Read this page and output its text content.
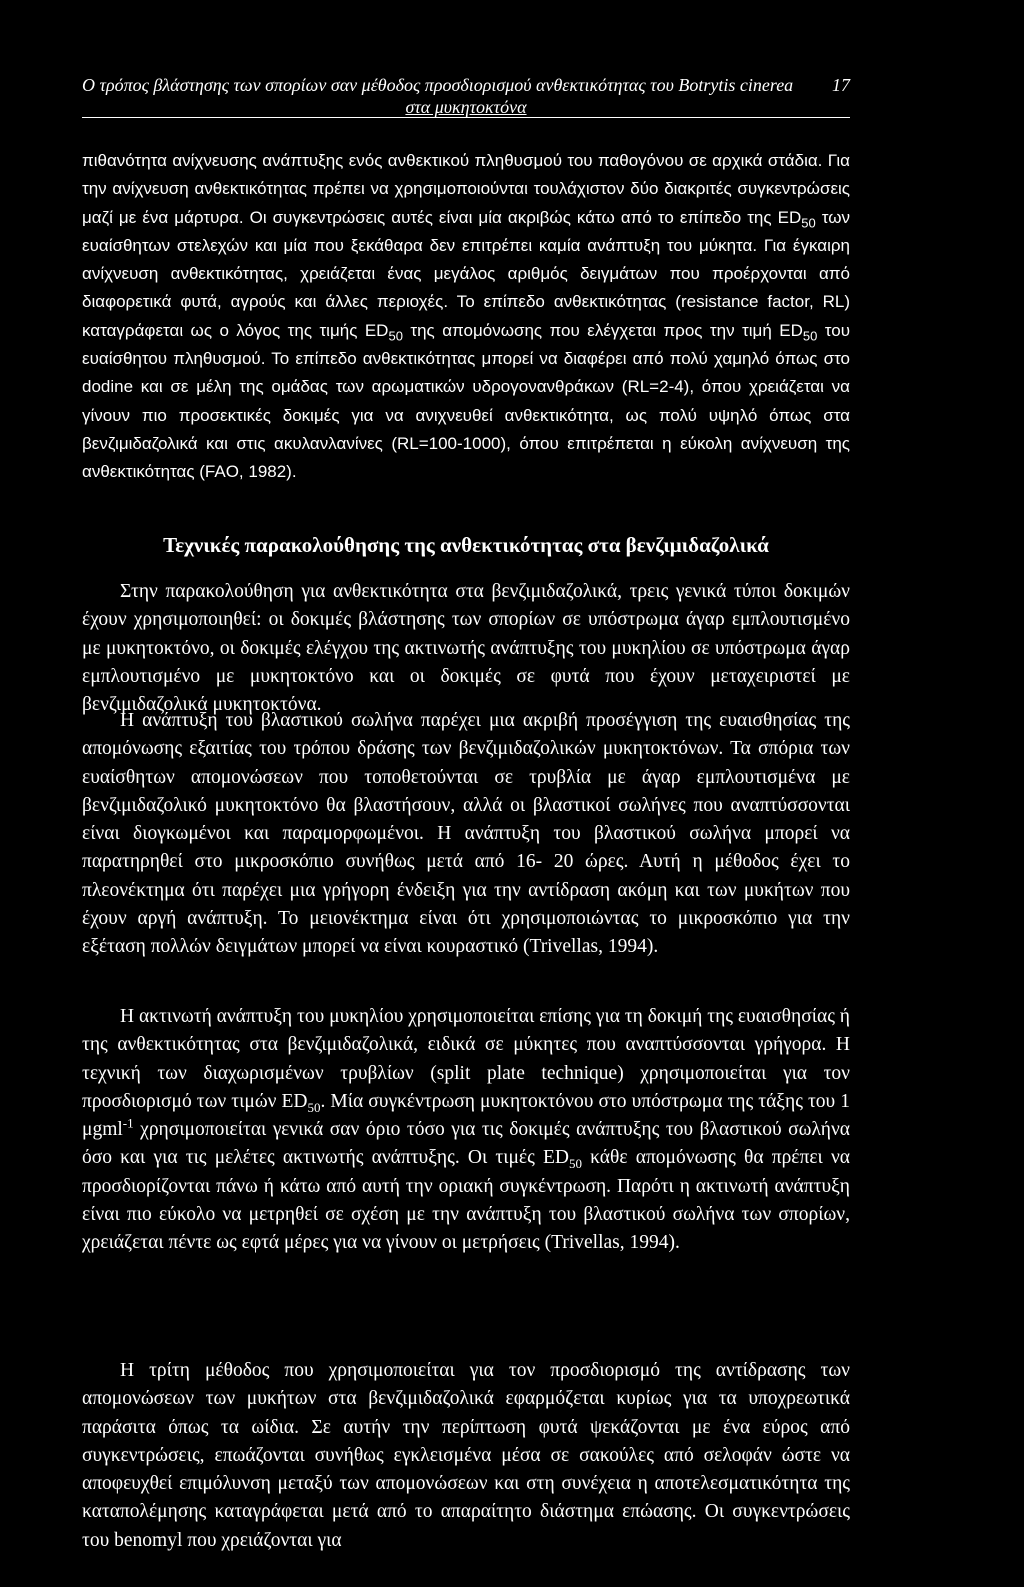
Ο τρόπος βλάστησης των σπορίων σαν μέθοδος προσδιορισμού ανθεκτικότητας του Botrytis cinerea 17
στα μυκητοκτόνα

πιθανότητα ανίχνευσης ανάπτυξης ενός ανθεκτικού πληθυσμού του παθογόνου σε αρχικά στάδια. Για την ανίχνευση ανθεκτικότητας πρέπει να χρησιμοποιούνται τουλάχιστον δύο διακριτές συγκεντρώσεις μαζί με ένα μάρτυρα. Οι συγκεντρώσεις αυτές είναι μία ακριβώς κάτω από το επίπεδο της $ED_{50}$ των ευαίσθητων στελεχών και μία που ξεκάθαρα δεν επιτρέπει καμία ανάπτυξη του μύκητα. Για έγκαιρη ανίχνευση ανθεκτικότητας, χρειάζεται ένας μεγάλος αριθμός δειγμάτων που προέρχονται από διαφορετικά φυτά, αγρούς και άλλες περιοχές. Το επίπεδο ανθεκτικότητας (resistance factor, RL) καταγράφεται ως ο λόγος της τιμής $ED_{50}$ της απομόνωσης που ελέγχεται προς την τιμή $ED_{50}$ του ευαίσθητου πληθυσμού. Το επίπεδο ανθεκτικότητας μπορεί να διαφέρει από πολύ χαμηλό όπως στο dodine και σε μέλη της ομάδας των αρωματικών υδρογονανθράκων (RL=2-4), όπου χρειάζεται να γίνουν πιο προσεκτικές δοκιμές για να ανιχνευθεί ανθεκτικότητα, ως πολύ υψηλό όπως στα βενζιμιδαζολικά και στις ακυλανλανίνες (RL=100-1000), όπου επιτρέπεται η εύκολη ανίχνευση της ανθεκτικότητας (FAO, 1982).

Τεχνικές παρακολούθησης της ανθεκτικότητας στα βενζιμιδαζολικά

Στην παρακολούθηση για ανθεκτικότητα στα βενζιμιδαζολικά, τρεις γενικά τύποι δοκιμών έχουν χρησιμοποιηθεί: οι δοκιμές βλάστησης των σπορίων σε υπόστρωμα άγαρ εμπλουτισμένο με μυκητοκτόνο, οι δοκιμές ελέγχου της ακτινωτής ανάπτυξης του μυκηλίου σε υπόστρωμα άγαρ εμπλουτισμένο με μυκητοκτόνο και οι δοκιμές σε φυτά που έχουν μεταχειριστεί με βενζιμιδαζολικά μυκητοκτόνα.

Η ανάπτυξη του βλαστικού σωλήνα παρέχει μια ακριβή προσέγγιση της ευαισθησίας της απομόνωσης εξαιτίας του τρόπου δράσης των βενζιμιδαζολικών μυκητοκτόνων. Τα σπόρια των ευαίσθητων απομονώσεων που τοποθετούνται σε τρυβλία με άγαρ εμπλουτισμένα με βενζιμιδαζολικό μυκητοκτόνο θα βλαστήσουν, αλλά οι βλαστικοί σωλήνες που αναπτύσσονται είναι διογκωμένοι και παραμορφωμένοι. Η ανάπτυξη του βλαστικού σωλήνα μπορεί να παρατηρηθεί στο μικροσκόπιο συνήθως μετά από 16- 20 ώρες. Αυτή η μέθοδος έχει το πλεονέκτημα ότι παρέχει μια γρήγορη ένδειξη για την αντίδραση ακόμη και των μυκήτων που έχουν αργή ανάπτυξη. Το μειονέκτημα είναι ότι χρησιμοποιώντας το μικροσκόπιο για την εξέταση πολλών δειγμάτων μπορεί να είναι κουραστικό (Trivellas, 1994).

Η ακτινωτή ανάπτυξη του μυκηλίου χρησιμοποιείται επίσης για τη δοκιμή της ευαισθησίας ή της ανθεκτικότητας στα βενζιμιδαζολικά, ειδικά σε μύκητες που αναπτύσσονται γρήγορα. Η τεχνική των διαχωρισμένων τρυβλίων (split plate technique) χρησιμοποιείται για τον προσδιορισμό των τιμών $ED_{50}$. Μία συγκέντρωση μυκητοκτόνου στο υπόστρωμα της τάξης του 1 μgml$^{-1}$ χρησιμοποιείται γενικά σαν όριο τόσο για τις δοκιμές ανάπτυξης του βλαστικού σωλήνα όσο και για τις μελέτες ακτινωτής ανάπτυξης. Οι τιμές $ED_{50}$ κάθε απομόνωσης θα πρέπει να προσδιορίζονται πάνω ή κάτω από αυτή την οριακή συγκέντρωση. Παρότι η ακτινωτή ανάπτυξη είναι πιο εύκολο να μετρηθεί σε σχέση με την ανάπτυξη του βλαστικού σωλήνα των σπορίων, χρειάζεται πέντε ως εφτά μέρες για να γίνουν οι μετρήσεις (Trivellas, 1994).

Η τρίτη μέθοδος που χρησιμοποιείται για τον προσδιορισμό της αντίδρασης των απομονώσεων των μυκήτων στα βενζιμιδαζολικά εφαρμόζεται κυρίως για τα υποχρεωτικά παράσιτα όπως τα ωίδια. Σε αυτήν την περίπτωση φυτά ψεκάζονται με ένα εύρος από συγκεντρώσεις, επωάζονται συνήθως εγκλεισμένα μέσα σε σακούλες από σελοφάν ώστε να αποφευχθεί επιμόλυνση μεταξύ των απομονώσεων και στη συνέχεια η αποτελεσματικότητα της καταπολέμησης καταγράφεται μετά από το απαραίτητο διάστημα επώασης. Οι συγκεντρώσεις του benomyl που χρειάζονται για
